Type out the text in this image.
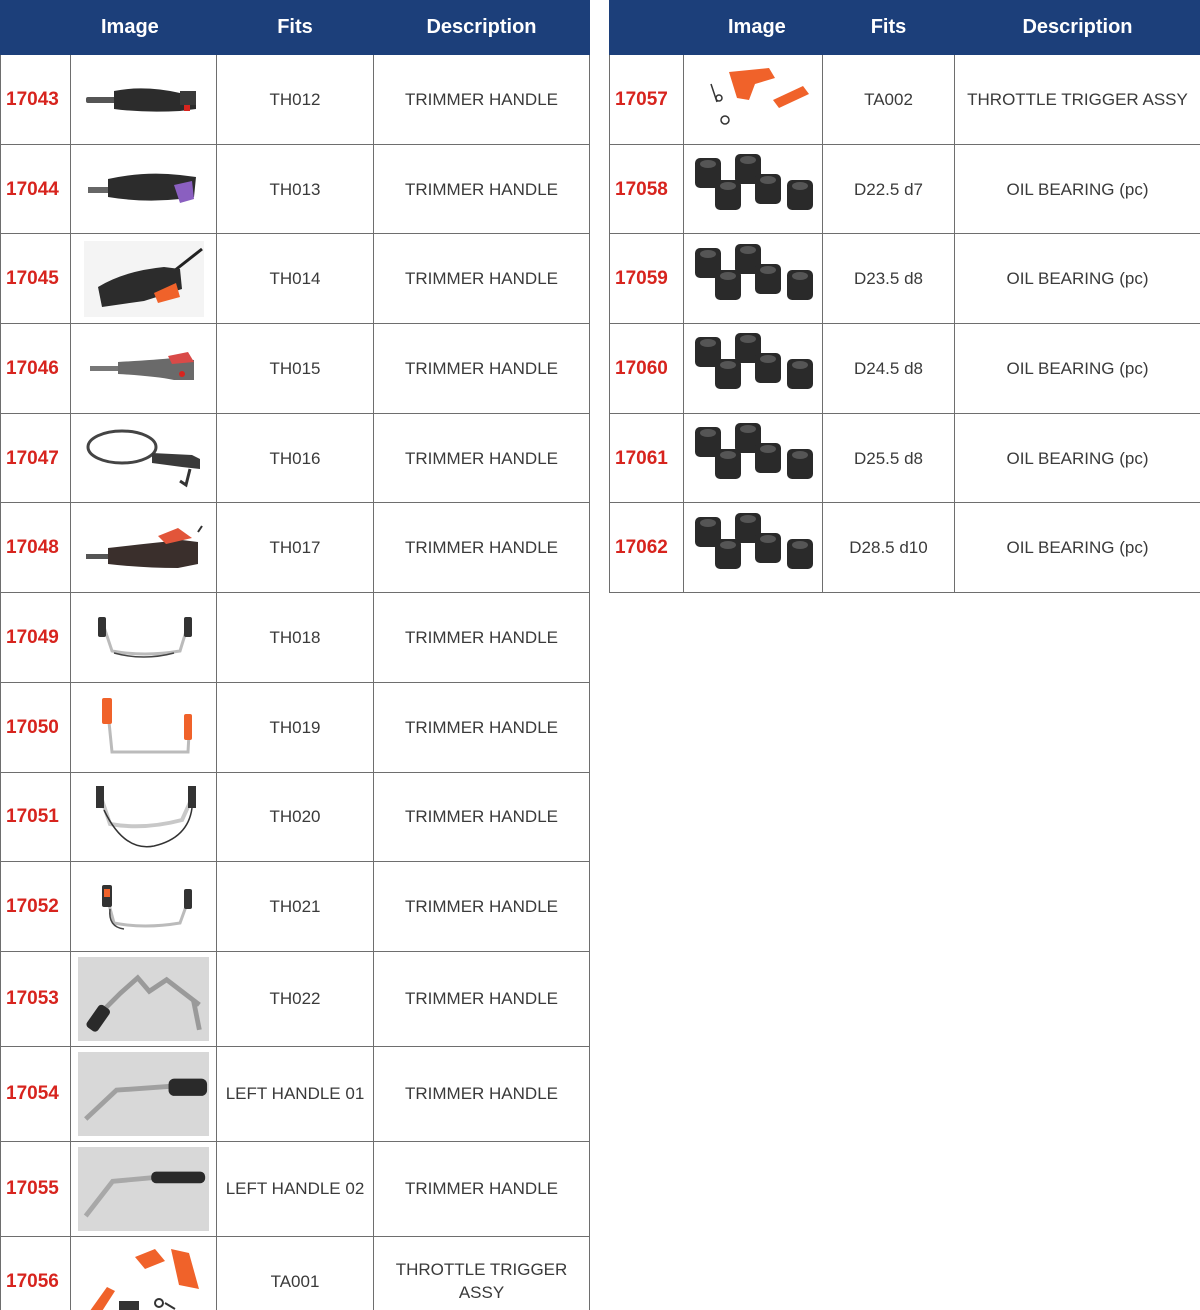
	Image	Fits	Description
17043		TH012	TRIMMER HANDLE
17044		TH013	TRIMMER HANDLE
17045		TH014	TRIMMER HANDLE
17046		TH015	TRIMMER HANDLE
17047		TH016	TRIMMER HANDLE
17048		TH017	TRIMMER HANDLE
17049		TH018	TRIMMER HANDLE
17050		TH019	TRIMMER HANDLE
17051		TH020	TRIMMER HANDLE
17052		TH021	TRIMMER HANDLE
17053		TH022	TRIMMER HANDLE
17054		LEFT HANDLE 01	TRIMMER HANDLE
17055		LEFT HANDLE 02	TRIMMER HANDLE
17056		TA001	THROTTLE TRIGGER ASSY
	Image	Fits	Description
17057		TA002	THROTTLE TRIGGER ASSY
17058		D22.5 d7	OIL BEARING (pc)
17059		D23.5 d8	OIL BEARING (pc)
17060		D24.5 d8	OIL BEARING (pc)
17061		D25.5 d8	OIL BEARING (pc)
17062		D28.5 d10	OIL BEARING (pc)
